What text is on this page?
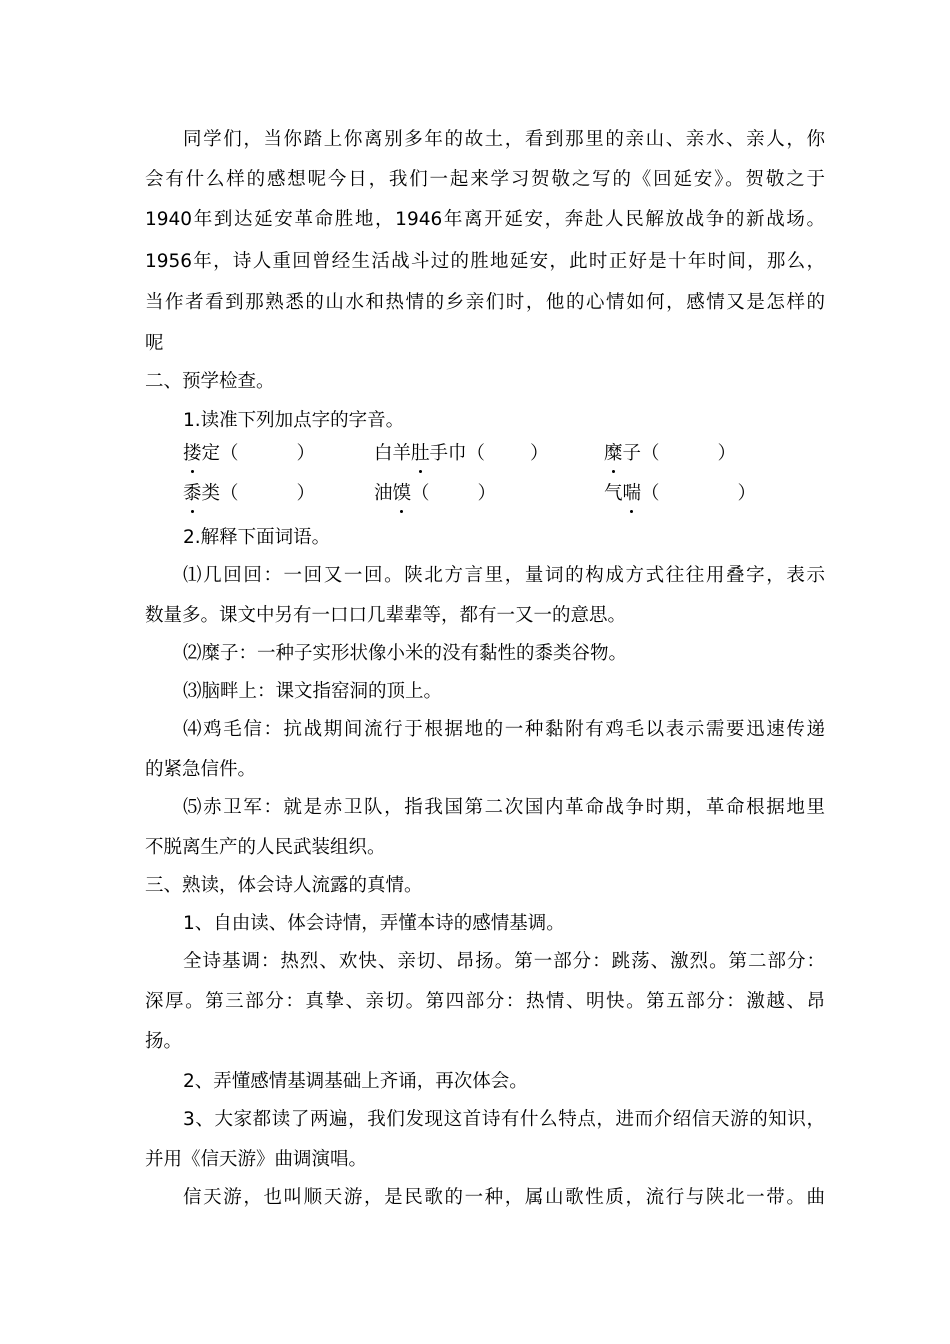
同学们，当你踏上你离别多年的故土，看到那里的亲山、亲水、亲人，你
会有什么样的感想呢今日，我们一起来学习贺敬之写的《回延安》。贺敬之于
1940年到达延安革命胜地，1946年离开延安，奔赴人民解放战争的新战场。
1956年，诗人重回曾经生活战斗过的胜地延安，此时正好是十年时间，那么，
当作者看到那熟悉的山水和热情的乡亲们时，他的心情如何，感情又是怎样的
呢
二、预学检查。
1.读准下列加点字的字音。
搂定（	）	白羊肚手巾（ ）	糜子（	）
黍类（	）	油馍（	）	气喘（	）
2.解释下面词语。
⑴几回回：一回又一回。陕北方言里，量词的构成方式往往用叠字，表示
数量多。课文中另有一口口几辈辈等，都有一又一的意思。
⑵糜子：一种子实形状像小米的没有黏性的黍类谷物。
⑶脑畔上：课文指窑洞的顶上。
⑷鸡毛信：抗战期间流行于根据地的一种黏附有鸡毛以表示需要迅速传递
的紧急信件。
⑸赤卫军：就是赤卫队，指我国第二次国内革命战争时期，革命根据地里
不脱离生产的人民武装组织。
三、熟读，体会诗人流露的真情。
1、自由读、体会诗情，弄懂本诗的感情基调。
全诗基调：热烈、欢快、亲切、昂扬。第一部分：跳荡、激烈。第二部分：
深厚。第三部分：真挚、亲切。第四部分：热情、明快。第五部分：激越、昂
扬。
2、弄懂感情基调基础上齐诵，再次体会。
3、大家都读了两遍，我们发现这首诗有什么特点，进而介绍信天游的知识，
并用《信天游》曲调演唱。
信天游，也叫顺天游，是民歌的一种，属山歌性质，流行与陕北一带。曲
